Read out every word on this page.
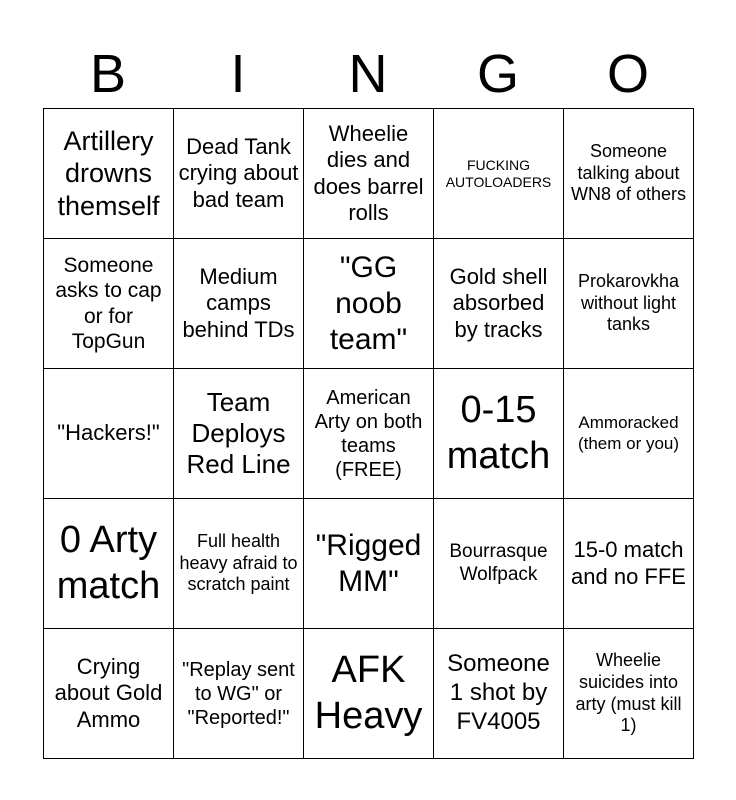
B	I	N	G	O
Artillery drowns themself	Dead Tank crying about bad team	Wheelie dies and does barrel rolls	FUCKING AUTOLOADERS	Someone talking about WN8 of others

Someone asks to cap or for TopGun	Medium camps behind TDs	"GG noob team"	Gold shell absorbed by tracks	Prokarovkha without light tanks

"Hackers!"	Team Deploys Red Line	American Arty on both teams (FREE)	0-15 match	Ammoracked (them or you)

0 Arty match	Full health heavy afraid to scratch paint	"Rigged MM"	Bourrasque Wolfpack	15-0 match and no FFE

Crying about Gold Ammo	"Replay sent to WG" or "Reported!"	AFK Heavy	Someone 1 shot by FV4005	Wheelie suicides into arty (must kill 1)
